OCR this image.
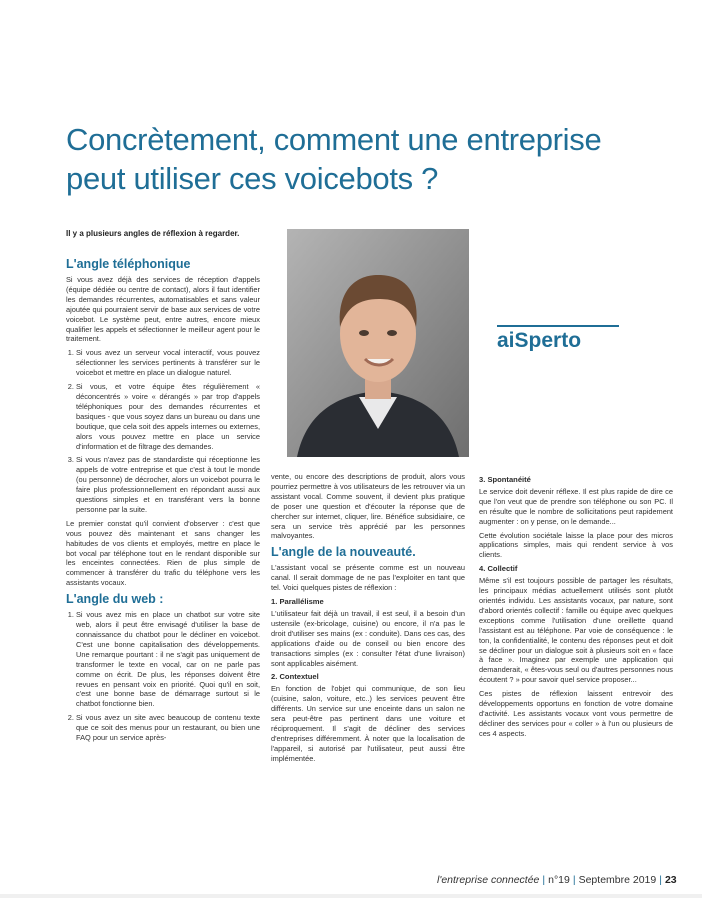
Concrètement, comment une entreprise
peut utiliser ces voicebots ?
Il y a plusieurs angles de réflexion à regarder.
aiSperto
L'angle téléphonique

Si vous avez déjà des services de réception d'appels (équipe dédiée ou centre de contact), alors il faut identifier les demandes récurrentes, automatisables et sans valeur ajoutée qui pourraient servir de base aux services de votre voicebot. Le système peut, entre autres, encore mieux qualifier les appels et sélectionner le meilleur agent pour le traitement.

1. Si vous avez un serveur vocal interactif, vous pouvez sélectionner les services pertinents à transférer sur le voicebot et mettre en place un dialogue naturel.
2. Si vous, et votre équipe êtes régulièrement « déconcentrés » voire « dérangés » par trop d'appels téléphoniques pour des demandes récurrentes et basiques - que vous soyez dans un bureau ou dans une boutique, que cela soit des appels internes ou externes, alors vous pouvez mettre en place un service d'information et de filtrage des demandes.
3. Si vous n'avez pas de standardiste qui réceptionne les appels de votre entreprise et que c'est à tout le monde (ou personne) de décrocher, alors un voicebot pourra le faire plus professionnellement en répondant aussi aux questions simples et en transférant vers la bonne personne par la suite.

Le premier constat qu'il convient d'observer : c'est que vous pouvez dès maintenant et sans changer les habitudes de vos clients et employés, mettre en place le bot vocal par téléphone tout en le rendant disponible sur les enceintes connectées. Rien de plus simple de commencer à transférer du trafic du téléphone vers les assistants vocaux.

L'angle du web :
1. Si vous avez mis en place un chatbot sur votre site web, alors il peut être envisagé d'utiliser la base de connaissance du chatbot pour le décliner en voicebot. C'est une bonne capitalisation des développements. Une remarque pourtant : il ne s'agit pas uniquement de transformer le texte en vocal, car on ne parle pas comme on écrit. De plus, les réponses doivent être revues en pensant voix en priorité. Quoi qu'il en soit, c'est une bonne base de démarrage surtout si le chatbot fonctionne bien.
2. Si vous avez un site avec beaucoup de contenu texte que ce soit des menus pour un restaurant, ou bien une FAQ pour un service après-

vente, ou encore des descriptions de produit, alors vous pourriez permettre à vos utilisateurs de les retrouver via un assistant vocal. Comme souvent, il devient plus pratique de poser une question et d'écouter la réponse que de chercher sur internet, cliquer, lire. Bénéfice subsidiaire, ce sera un service très apprécié par les personnes malvoyantes.

L'angle de la nouveauté.

L'assistant vocal se présente comme est un nouveau canal. Il serait dommage de ne pas l'exploiter en tant que tel. Voici quelques pistes de réflexion :

1. Parallélisme

L'utilisateur fait déjà un travail, il est seul, il a besoin d'un ustensile (ex-bricolage, cuisine) ou encore, il n'a pas le droit d'utiliser ses mains (ex : conduite). Dans ces cas, des applications d'aide ou de conseil ou bien encore des transactions simples (ex : consulter l'état d'une livraison) sont applicables aisément.

2. Contextuel

En fonction de l'objet qui communique, de son lieu (cuisine, salon, voiture, etc..) les services peuvent être différents. Un service sur une enceinte dans un salon ne sera peut-être pas pertinent dans une voiture et réciproquement. Il s'agit de décliner des services d'entreprises différemment. À noter que la localisation de l'appareil, si autorisé par l'utilisateur, peut aussi être implémentée.

3. Spontanéité

Le service doit devenir réflexe. Il est plus rapide de dire ce que l'on veut que de prendre son téléphone ou son PC. Il en résulte que le nombre de sollicitations peut rapidement augmenter : on y pense, on le demande...

Cette évolution sociétale laisse la place pour des micros applications simples, mais qui rendent service à vos clients.

4. Collectif

Même s'il est toujours possible de partager les résultats, les principaux médias actuellement utilisés sont plutôt orientés individu. Les assistants vocaux, par nature, sont d'abord orientés collectif : famille ou équipe avec quelques exceptions comme l'utilisation d'une oreillette quand l'assistant est au téléphone. Par voie de conséquence : le ton, la confidentialité, le contenu des réponses peut et doit se décliner pour un dialogue soit à plusieurs soit en « face à face ». Imaginez par exemple une application qui demanderait, « êtes-vous seul ou d'autres personnes nous écoutent ? » pour savoir quel service proposer...

Ces pistes de réflexion laissent entrevoir des développements opportuns en fonction de votre domaine d'activité. Les assistants vocaux vont vous permettre de décliner des services pour « coller » à l'un ou plusieurs de ces 4 aspects.

l'entreprise connectée | n°19 | Septembre 2019 | 23
